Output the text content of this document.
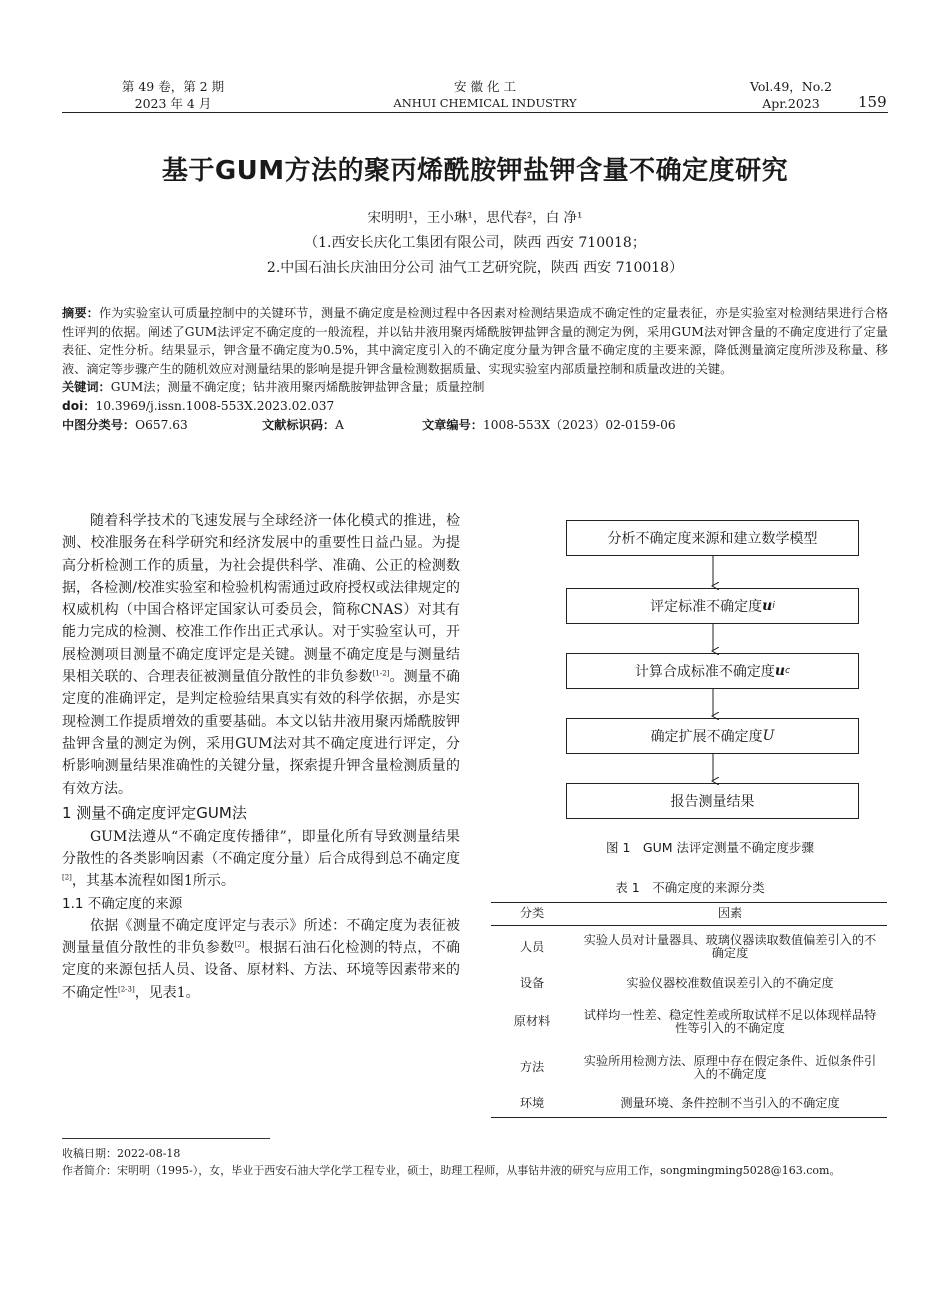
第 49 卷，第 2 期
2023 年 4 月
安 徽 化 工
ANHUI CHEMICAL INDUSTRY
Vol.49，No.2
Apr.2023	159
基于GUM方法的聚丙烯酰胺钾盐钾含量不确定度研究
宋明明¹，王小琳¹，思代春²，白 净¹
（1.西安长庆化工集团有限公司，陕西 西安 710018；
2.中国石油长庆油田分公司 油气工艺研究院，陕西 西安 710018）
摘要：作为实验室认可质量控制中的关键环节，测量不确定度是检测过程中各因素对检测结果造成不确定性的定量表征，亦是实验室对检测结果进行合格性评判的依据。阐述了GUM法评定不确定度的一般流程，并以钻井液用聚丙烯酰胺钾盐钾含量的测定为例，采用GUM法对钾含量的不确定度进行了定量表征、定性分析。结果显示，钾含量不确定度为0.5%，其中滴定度引入的不确定度分量为钾含量不确定度的主要来源，降低测量滴定度所涉及称量、移液、滴定等步骤产生的随机效应对测量结果的影响是提升钾含量检测数据质量、实现实验室内部质量控制和质量改进的关键。
关键词：GUM法；测量不确定度；钻井液用聚丙烯酰胺钾盐钾含量；质量控制
doi：10.3969/j.issn.1008-553X.2023.02.037
中图分类号：O657.63	文献标识码：A	文章编号：1008-553X（2023）02-0159-06

随着科学技术的飞速发展与全球经济一体化模式的推进，检测、校准服务在科学研究和经济发展中的重要性日益凸显。为提高分析检测工作的质量，为社会提供科学、准确、公正的检测数据，各检测/校准实验室和检验机构需通过政府授权或法律规定的权威机构（中国合格评定国家认可委员会，简称CNAS）对其有能力完成的检测、校准工作作出正式承认。对于实验室认可，开展检测项目测量不确定度评定是关键。测量不确定度是与测量结果相关联的、合理表征被测量值分散性的非负参数[1-2]。测量不确定度的准确评定，是判定检验结果真实有效的科学依据，亦是实现检测工作提质增效的重要基础。本文以钻井液用聚丙烯酰胺钾盐钾含量的测定为例，采用GUM法对其不确定度进行评定，分析影响测量结果准确性的关键分量，探索提升钾含量检测质量的有效方法。

1 测量不确定度评定GUM法

GUM法遵从“不确定度传播律”，即量化所有导致测量结果分散性的各类影响因素（不确定度分量）后合成得到总不确定度[2]，其基本流程如图1所示。

1.1 不确定度的来源

依据《测量不确定度评定与表示》所述：不确定度为表征被测量量值分散性的非负参数[2]。根据石油石化检测的特点，不确定度的来源包括人员、设备、原材料、方法、环境等因素带来的不确定性[2-3]，见表1。

分析不确定度来源和建立数学模型
评定标准不确定度 u i
计算合成标准不确定度 u c
确定扩展不确定度 U
报告测量结果
图 1　GUM 法评定测量不确定度步骤
表 1　不确定度的来源分类
分类	因素
人员	实验人员对计量器具、玻璃仪器读取数值偏差引入的不确定度
设备	实验仪器校准数值误差引入的不确定度
原材料	试样均一性差、稳定性差或所取试样不足以体现样品特性等引入的不确定度
方法	实验所用检测方法、原理中存在假定条件、近似条件引入的不确定度
环境	测量环境、条件控制不当引入的不确定度
收稿日期：2022-08-18
作者简介：宋明明（1995-），女，毕业于西安石油大学化学工程专业，硕士，助理工程师，从事钻井液的研究与应用工作，songmingming5028@163.com。
